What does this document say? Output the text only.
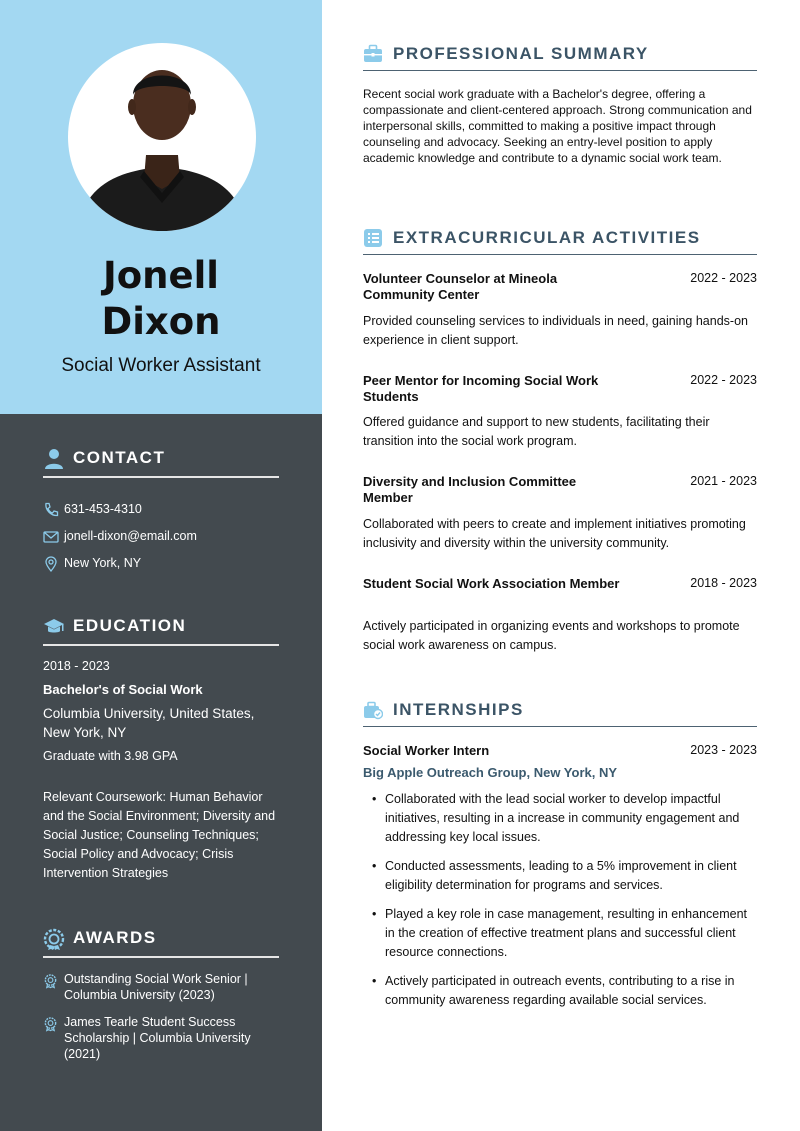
Jonell
Dixon
Social Worker Assistant
CONTACT
631-453-4310
jonell-dixon@email.com
New York, NY
EDUCATION
2018 - 2023
Bachelor's of Social Work
Columbia University, United States, New York, NY
Graduate with 3.98 GPA
Relevant Coursework: Human Behavior and the Social Environment; Diversity and Social Justice; Counseling Techniques; Social Policy and Advocacy; Crisis Intervention Strategies
AWARDS
Outstanding Social Work Senior | Columbia University (2023)
James Tearle Student Success Scholarship | Columbia University (2021)
PROFESSIONAL SUMMARY
Recent social work graduate with a Bachelor's degree, offering a compassionate and client-centered approach. Strong communication and interpersonal skills, committed to making a positive impact through counseling and advocacy. Seeking an entry-level position to apply academic knowledge and contribute to a dynamic social work team.
EXTRACURRICULAR ACTIVITIES
Volunteer Counselor at Mineola Community Center
2022 - 2023
Provided counseling services to individuals in need, gaining hands-on experience in client support.
Peer Mentor for Incoming Social Work Students
2022 - 2023
Offered guidance and support to new students, facilitating their transition into the social work program.
Diversity and Inclusion Committee Member
2021 - 2023
Collaborated with peers to create and implement initiatives promoting inclusivity and diversity within the university community.
Student Social Work Association Member	2018 - 2023
Actively participated in organizing events and workshops to promote social work awareness on campus.
INTERNSHIPS
Social Worker Intern	2023 - 2023
Big Apple Outreach Group, New York, NY
• Collaborated with the lead social worker to develop impactful initiatives, resulting in a increase in community engagement and addressing key local issues.
• Conducted assessments, leading to a 5% improvement in client eligibility determination for programs and services.
• Played a key role in case management, resulting in enhancement in the creation of effective treatment plans and successful client resource connections.
• Actively participated in outreach events, contributing to a rise in community awareness regarding available social services.
